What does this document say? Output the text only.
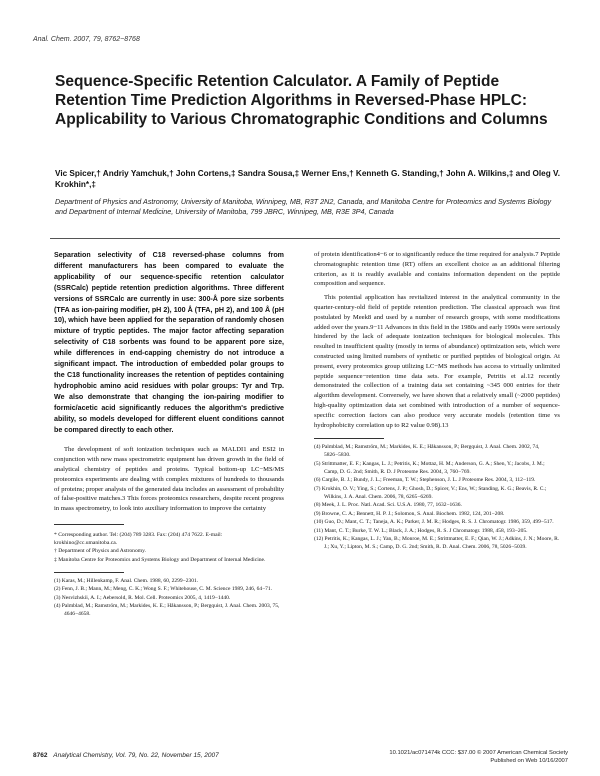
Anal. Chem. 2007, 79, 8762−8768
Sequence-Specific Retention Calculator. A Family of Peptide Retention Time Prediction Algorithms in Reversed-Phase HPLC: Applicability to Various Chromatographic Conditions and Columns
Vic Spicer,† Andriy Yamchuk,† John Cortens,‡ Sandra Sousa,‡ Werner Ens,† Kenneth G. Standing,† John A. Wilkins,‡ and Oleg V. Krokhin*,‡
Department of Physics and Astronomy, University of Manitoba, Winnipeg, MB, R3T 2N2, Canada, and Manitoba Centre for Proteomics and Systems Biology and Department of Internal Medicine, University of Manitoba, 799 JBRC, Winnipeg, MB, R3E 3P4, Canada
Separation selectivity of C18 reversed-phase columns from different manufacturers has been compared to evaluate the applicability of our sequence-specific retention calculator (SSRCalc) peptide retention prediction algorithms. Three different versions of SSRCalc are currently in use: 300-Å pore size sorbents (TFA as ion-pairing modifier, pH 2), 100 Å (TFA, pH 2), and 100 Å (pH 10), which have been applied for the separation of randomly chosen mixture of tryptic peptides. The major factor affecting separation selectivity of C18 sorbents was found to be apparent pore size, while differences in end-capping chemistry do not introduce a significant impact. The introduction of embedded polar groups to the C18 functionality increases the retention of peptides containing hydrophobic amino acid residues with polar groups: Tyr and Trp. We also demonstrate that changing the ion-pairing modifier to formic/acetic acid significantly reduces the algorithm's predictive ability, so models developed for different eluent conditions cannot be compared directly to each other.

The development of soft ionization techniques such as MALDI1 and ESI2 in conjunction with new mass spectrometric equipment has driven growth in the field of analytical chemistry of peptides and proteins. Typical bottom-up LC−MS/MS proteomics experiments are dealing with complex mixtures of hundreds to thousands of proteins; proper analysis of the generated data includes an assessment of probability of false-positive matches.3 This forces proteomics researchers, despite recent progress in mass spectrometry, to look into auxiliary information to improve the certainty

* Corresponding author. Tel: (204) 789 3283. Fax: (204) 474 7622. E-mail: krokhino@cc.umanitoba.ca.
† Department of Physics and Astronomy.
‡ Manitoba Centre for Proteomics and Systems Biology and Department of Internal Medicine.
(1) Karas, M.; Hillenkamp, F. Anal. Chem. 1988, 60, 2299−2301.
(2) Fenn, J. B.; Mann, M.; Meng, C. K.; Wong S. F.; Whitehouse, C. M. Science 1989, 246, 64−71.
(3) Nesvizhskii, A. I.; Aebersold, R. Mol. Cell. Proteomics 2005, 4, 1419−1440.
(4) Palmblad, M.; Ramström, M.; Markides, K. E.; Håkansson, P.; Bergquist, J. Anal. Chem. 2003, 75, 4646−4658.

of protein identification4−6 or to significantly reduce the time required for analysis.7 Peptide chromatographic retention time (RT) offers an excellent choice as an additional filtering criterion, as it is readily available and contains information dependent on the peptide composition and sequence.

This potential application has revitalized interest in the analytical community in the quarter-century-old field of peptide retention prediction. The classical approach was first postulated by Meek8 and used by a number of research groups, with some modifications added over the years.9−11 Advances in this field in the 1980s and early 1990s were seriously hindered by the lack of adequate ionization techniques for biological molecules. This resulted in insufficient quality (mostly in terms of abundance) optimization sets, which were constructed using limited numbers of synthetic or purified peptides of biological origin. At present, every proteomics group utilizing LC−MS methods has access to virtually unlimited peptide sequence−retention time data sets. For example, Petritis et al.12 recently demonstrated the collection of a training data set containing ~345 000 entries for their algorithm development. Conversely, we have shown that a relatively small (~2000 peptides) high-quality optimization data set combined with introduction of a number of sequence-specific correction factors can also produce very accurate models (retention time vs hydrophobicity correlation up to R2 value 0.98).13

(4) Palmblad, M.; Ramström, M.; Markides, K. E.; Håkansson, P.; Bergquist, J. Anal. Chem. 2002, 74, 5826−5830.
(5) Strittmatter, E. F.; Kangas, L. J.; Petritis, K.; Mottaz, H. M.; Anderson, G. A.; Shen, Y.; Jacobs, J. M.; Camp, D. G. 2nd; Smith, R. D. J Proteome Res. 2004, 3, 760−769.
(6) Cargile, B. J.; Bundy, J. L.; Freeman, T. W.; Stephenson, J. L. J Proteome Res. 2004, 3, 112−119.
(7) Krokhin, O. V.; Ying, S.; Cortens, J. P.; Ghosh, D.; Spicer, V.; Ens, W.; Standing, K. G.; Beavis, R. C.; Wilkins, J. A. Anal. Chem. 2006, 78, 6265−6269.
(8) Meek, J. L. Proc. Natl. Acad. Sci. U.S.A. 1980, 77, 1632−1636.
(9) Browne, C. A.; Bennett, H. P. J.; Solomon, S. Anal. Biochem. 1982, 124, 201−208.
(10) Guo, D.; Mant, C. T.; Taneja, A. K.; Parker, J. M. R.; Hodges, R. S. J. Chromatogr. 1986, 359, 499−517.
(11) Mant, C. T.; Burke, T. W. L.; Black, J. A.; Hodges, R. S. J Chromatogr. 1988, 458, 193−205.
(12) Petritis, K.; Kangas, L. J.; Yan, B.; Monroe, M. E.; Strittmatter, E. F.; Qian, W. J.; Adkins, J. N.; Moore, R. J.; Xu, Y.; Lipton, M. S.; Camp, D. G. 2nd; Smith, R. D. Anal. Chem. 2006, 78, 5026−5039.
8762 Analytical Chemistry, Vol. 79, No. 22, November 15, 2007	10.1021/ac071474k CCC: $37.00 © 2007 American Chemical Society
Published on Web 10/16/2007
